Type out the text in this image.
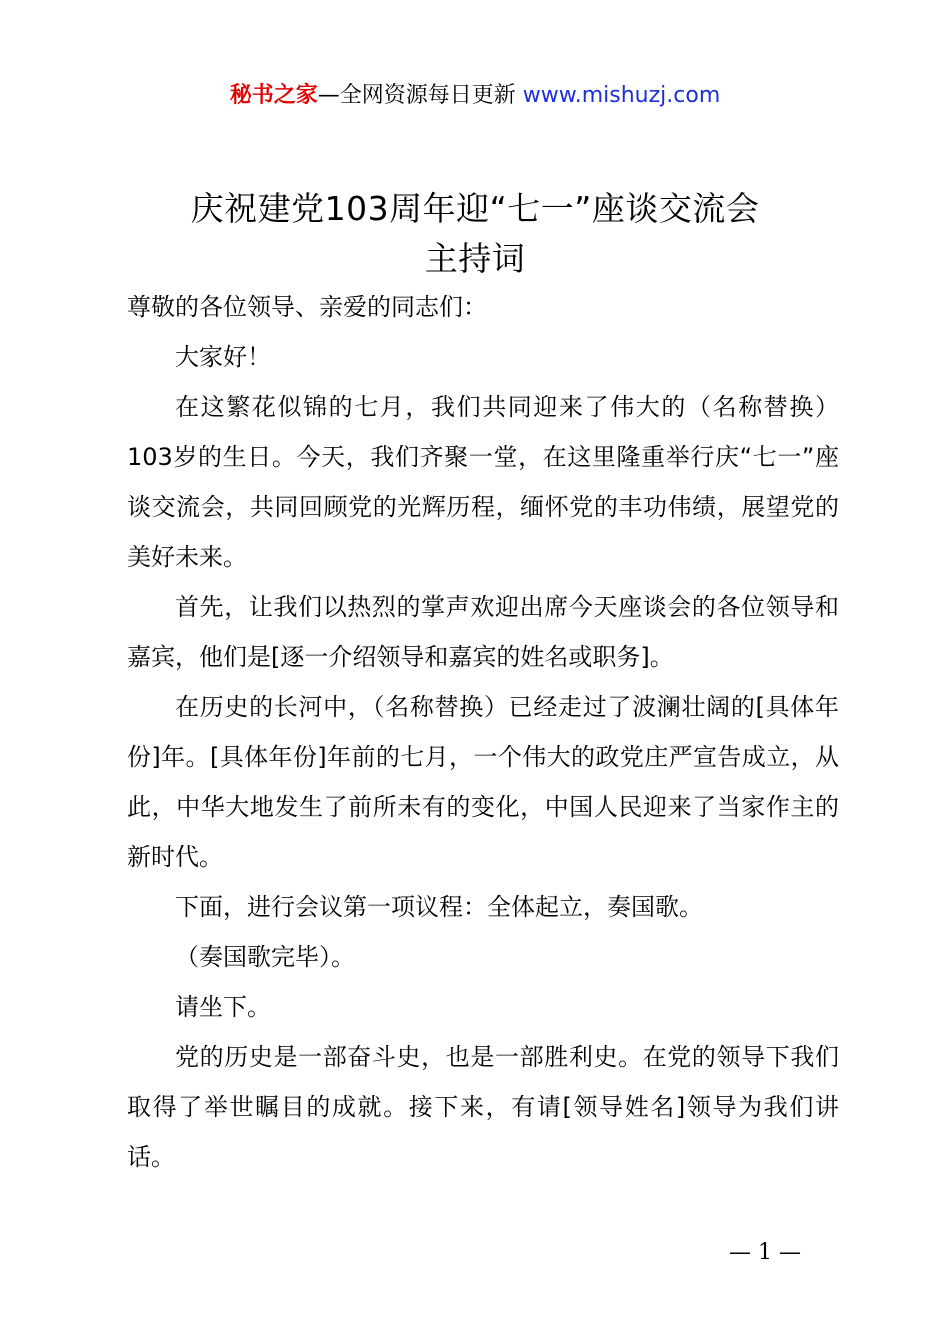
秘书之家—全网资源每日更新 www.mishuzj.com
庆祝建党103周年迎“七一”座谈交流会
主持词

尊敬的各位领导、亲爱的同志们：

大家好！

在这繁花似锦的七月，我们共同迎来了伟大的（名称替换）103岁的生日。今天，我们齐聚一堂，在这里隆重举行庆“七一”座谈交流会，共同回顾党的光辉历程，缅怀党的丰功伟绩，展望党的美好未来。

首先，让我们以热烈的掌声欢迎出席今天座谈会的各位领导和嘉宾，他们是[逐一介绍领导和嘉宾的姓名或职务]。

在历史的长河中，（名称替换）已经走过了波澜壮阔的[具体年份]年。[具体年份]年前的七月，一个伟大的政党庄严宣告成立，从此，中华大地发生了前所未有的变化，中国人民迎来了当家作主的新时代。

下面，进行会议第一项议程：全体起立，奏国歌。

（奏国歌完毕）。

请坐下。

党的历史是一部奋斗史，也是一部胜利史。在党的领导下我们取得了举世瞩目的成就。接下来，有请[领导姓名]领导为我们讲话。

— 1 —
